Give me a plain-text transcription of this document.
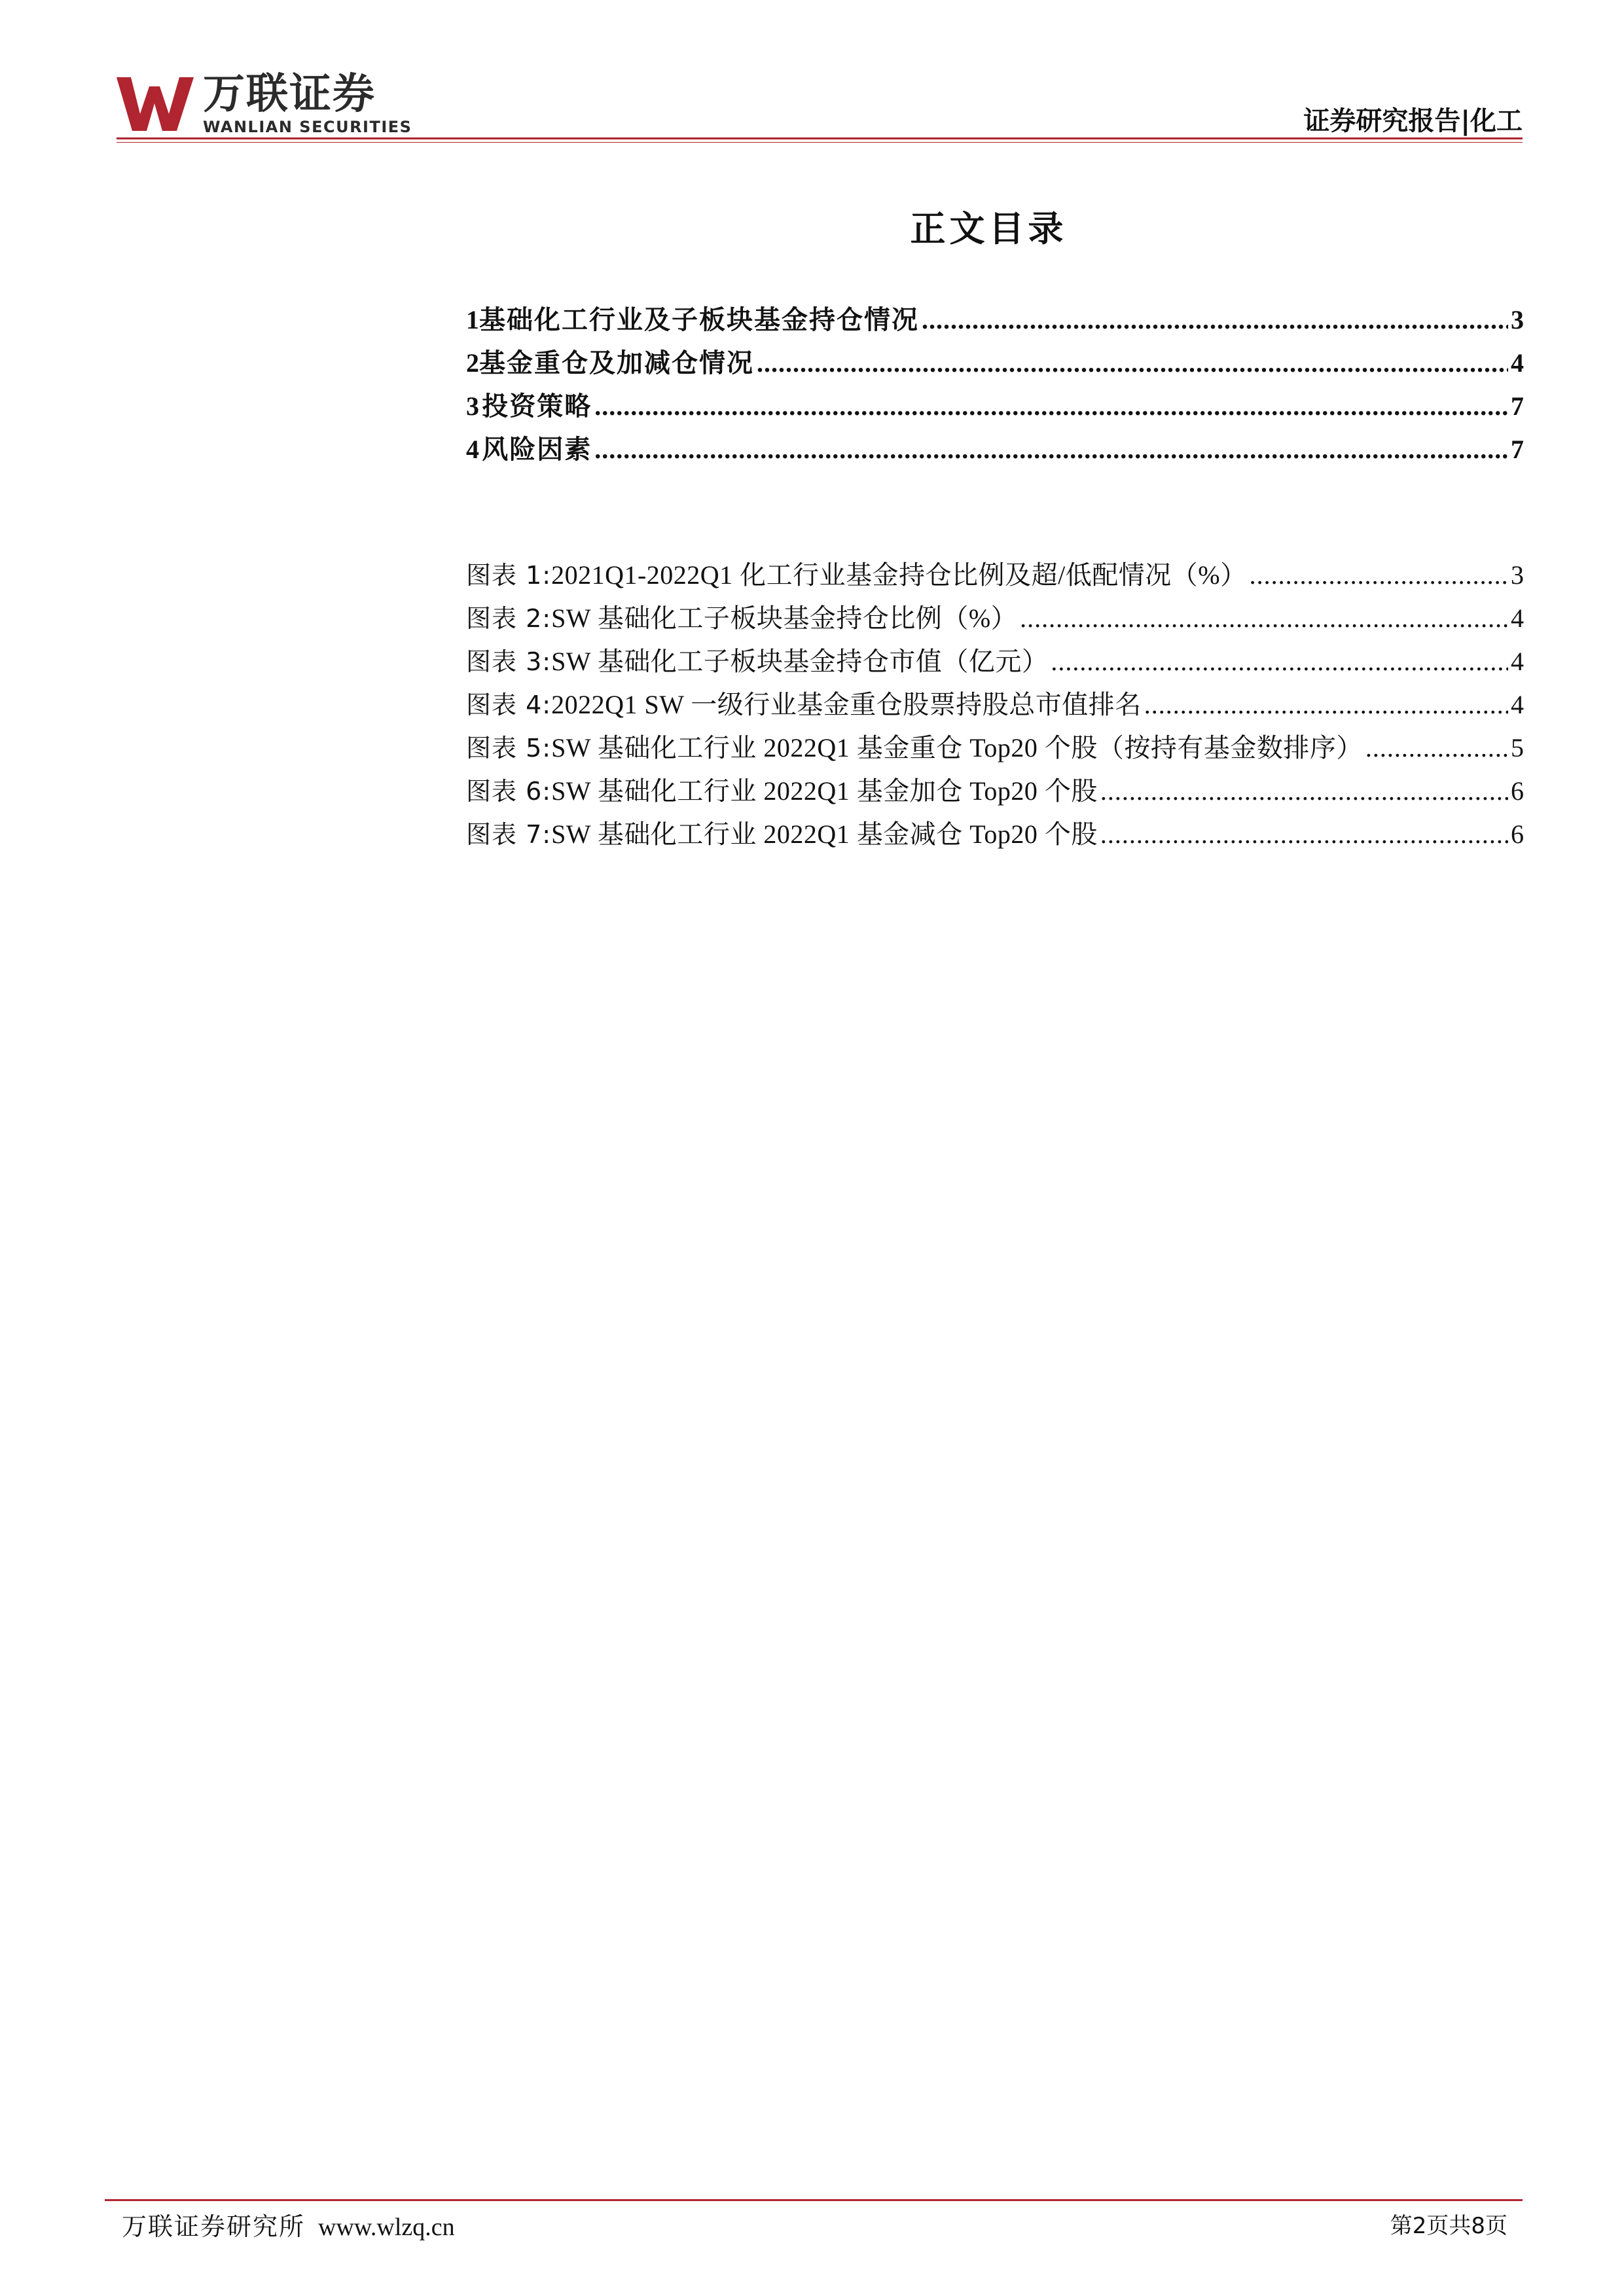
万联证券
WANLIAN SECURITIES	证券研究报告|化工
正文目录
1 基础化工行业及子板块基金持仓情况 .....	3
2 基金重仓及加减仓情况 .....	4
3 投资策略 .....	7
4 风险因素 .....	7
图表 1: 2021Q1-2022Q1 化工行业基金持仓比例及超/低配情况（%） .....	3
图表 2: SW 基础化工子板块基金持仓比例（%） .....	4
图表 3: SW 基础化工子板块基金持仓市值（亿元） .....	4
图表 4: 2022Q1 SW 一级行业基金重仓股票持股总市值排名 .....	4
图表 5: SW 基础化工行业 2022Q1 基金重仓 Top20 个股（按持有基金数排序） .....	5
图表 6: SW 基础化工行业 2022Q1 基金加仓 Top20 个股 .....	6
图表 7: SW 基础化工行业 2022Q1 基金减仓 Top20 个股 .....	6
万联证券研究所 www.wlzq.cn	第2页共8页
